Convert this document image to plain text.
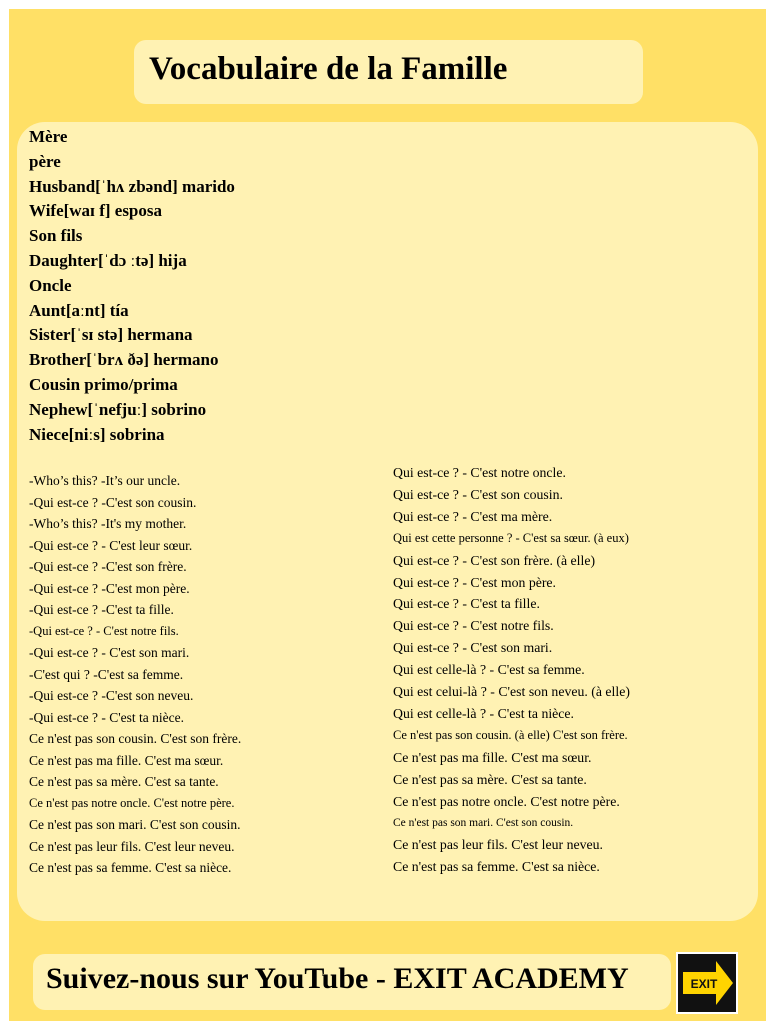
Vocabulaire de la Famille
Mère
père
Husband[ˈhʌ zbənd] marido
Wife[waɪ f] esposa
Son fils
Daughter[ˈdɔ ːtə] hija
Oncle
Aunt[aːnt] tía
Sister[ˈsɪ stə] hermana
Brother[ˈbrʌ ðə] hermano
Cousin primo/prima
Nephew[ˈnefjuː] sobrino
Niece[niːs] sobrina
-Who’s this? -It’s our uncle.
-Qui est-ce ? -C'est son cousin.
-Who’s this? -It's my mother.
-Qui est-ce ? - C'est leur sœur.
-Qui est-ce ? -C'est son frère.
-Qui est-ce ? -C'est mon père.
-Qui est-ce ? -C'est ta fille.
-Qui est-ce ? - C'est notre fils.
-Qui est-ce ? - C'est son mari.
-C'est qui ? -C'est sa femme.
-Qui est-ce ? -C'est son neveu.
-Qui est-ce ? - C'est ta nièce.
Ce n'est pas son cousin. C'est son frère.
Ce n'est pas ma fille. C'est ma sœur.
Ce n'est pas sa mère. C'est sa tante.
Ce n'est pas notre oncle. C'est notre père.
Ce n'est pas son mari. C'est son cousin.
Ce n'est pas leur fils. C'est leur neveu.
Ce n'est pas sa femme. C'est sa nièce.
Qui est-ce ? - C'est notre oncle.
Qui est-ce ? - C'est son cousin.
Qui est-ce ? - C'est ma mère.
Qui est cette personne ? - C'est sa sœur. (à eux)
Qui est-ce ? - C'est son frère. (à elle)
Qui est-ce ? - C'est mon père.
Qui est-ce ? - C'est ta fille.
Qui est-ce ? - C'est notre fils.
Qui est-ce ? - C'est son mari.
Qui est celle-là ? - C'est sa femme.
Qui est celui-là ? - C'est son neveu. (à elle)
Qui est celle-là ? - C'est ta nièce.
Ce n'est pas son cousin. (à elle) C'est son frère.
Ce n'est pas ma fille. C'est ma sœur.
Ce n'est pas sa mère. C'est sa tante.
Ce n'est pas notre oncle. C'est notre père.
Ce n'est pas son mari. C'est son cousin.
Ce n'est pas leur fils. C'est leur neveu.
Ce n'est pas sa femme. C'est sa nièce.
Suivez-nous sur YouTube - EXIT ACADEMY	EXIT
